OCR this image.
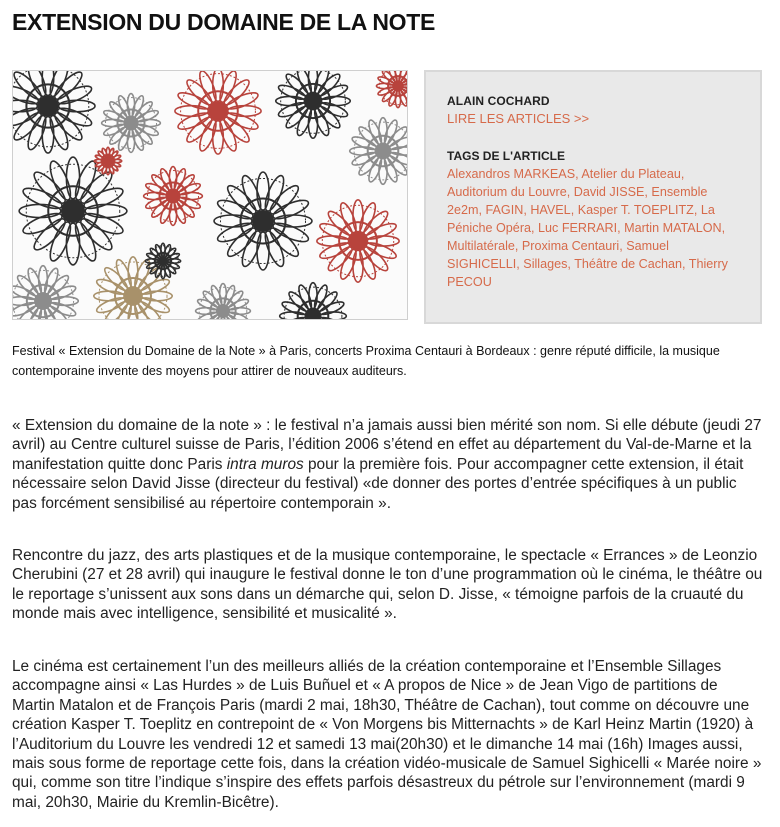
EXTENSION DU DOMAINE DE LA NOTE
ALAIN COCHARD
LIRE LES ARTICLES >>
TAGS DE L'ARTICLE
Alexandros MARKEAS, Atelier du Plateau, Auditorium du Louvre, David JISSE, Ensemble 2e2m, FAGIN, HAVEL, Kasper T. TOEPLITZ, La Péniche Opéra, Luc FERRARI, Martin MATALON, Multilatérale, Proxima Centauri, Samuel SIGHICELLI, Sillages, Théâtre de Cachan, Thierry PECOU
Festival « Extension du Domaine de la Note » à Paris, concerts Proxima Centauri à Bordeaux : genre réputé difficile, la musique contemporaine invente des moyens pour attirer de nouveaux auditeurs.

« Extension du domaine de la note » : le festival n’a jamais aussi bien mérité son nom. Si elle débute (jeudi 27 avril) au Centre culturel suisse de Paris, l’édition 2006 s’étend en effet au département du Val-de-Marne et la manifestation quitte donc Paris intra muros pour la première fois. Pour accompagner cette extension, il était nécessaire selon David Jisse (directeur du festival) «de donner des portes d’entrée spécifiques à un public pas forcément sensibilisé au répertoire contemporain ».

Rencontre du jazz, des arts plastiques et de la musique contemporaine, le spectacle « Errances » de Leonzio Cherubini (27 et 28 avril) qui inaugure le festival donne le ton d’une programmation où le cinéma, le théâtre ou le reportage s’unissent aux sons dans un démarche qui, selon D. Jisse, « témoigne parfois de la cruauté du monde mais avec intelligence, sensibilité et musicalité ».

Le cinéma est certainement l’un des meilleurs alliés de la création contemporaine et l’Ensemble Sillages accompagne ainsi « Las Hurdes » de Luis Buñuel et « A propos de Nice » de Jean Vigo de partitions de Martin Matalon et de François Paris (mardi 2 mai, 18h30, Théâtre de Cachan), tout comme on découvre une création Kasper T. Toeplitz en contrepoint de « Von Morgens bis Mitternachts » de Karl Heinz Martin (1920) à l’Auditorium du Louvre les vendredi 12 et samedi 13 mai(20h30) et le dimanche 14 mai (16h) Images aussi, mais sous forme de reportage cette fois, dans la création vidéo-musicale de Samuel Sighicelli « Marée noire » qui, comme son titre l’indique s’inspire des effets parfois désastreux du pétrole sur l’environnement (mardi 9 mai, 20h30, Mairie du Kremlin-Bicêtre).
